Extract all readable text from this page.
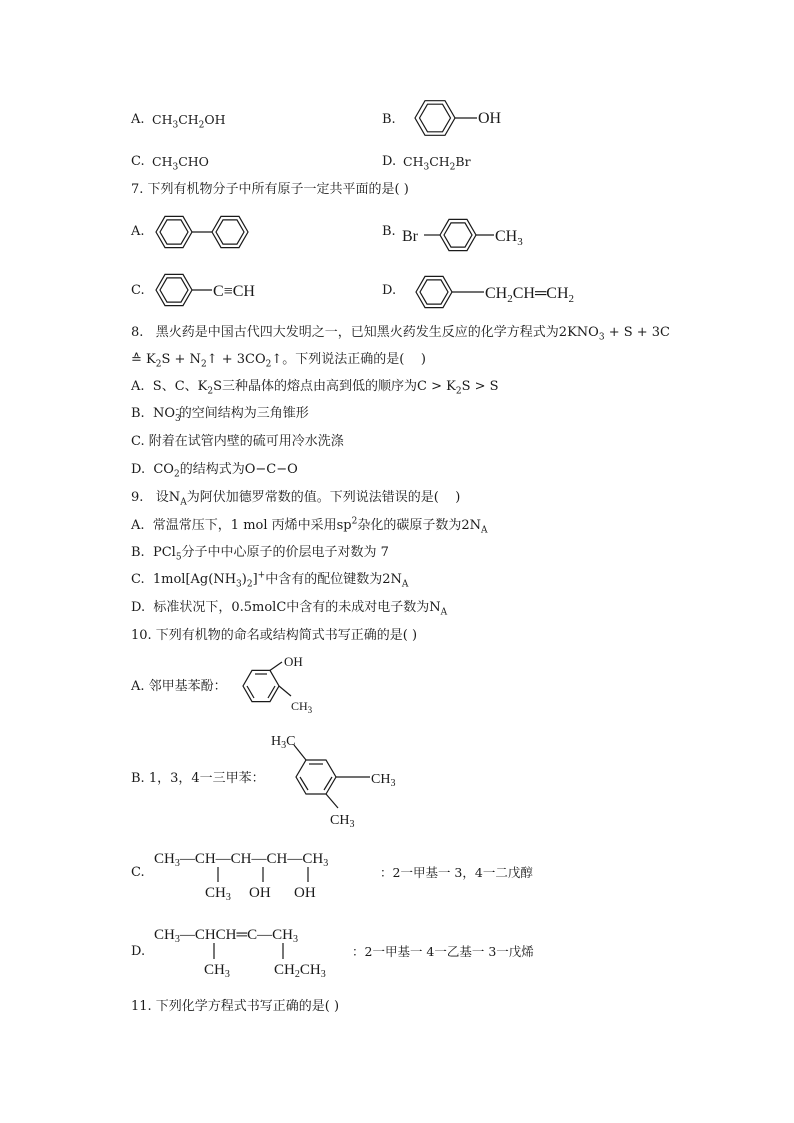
A. $CH_3CH_2OH$	B.	OH
C. $CH_3CHO$	D. $CH_3CH_2Br$
7. 下列有机物分子中所有原子一定共平面的是( )
A.	B. Br	$CH_3$
C.	C≡CH	D.	$CH_2CH═CH_2$
8.   黑火药是中国古代四大发明之一，已知黑火药发生反应的化学方程式为$2KNO_3 + S + 3C$
≙ $K_2S$ + $N_2↑$ + $3CO_2↑$。下列说法正确的是(    )
A.  S、C、$K_2S$三种晶体的熔点由高到低的顺序为$C > K_2S > S$
B.  $NO_3^-$的空间结构为三角锥形
C. 附着在试管内壁的硫可用冷水洗涤
D.  $CO_2$的结构式为O−C−O
9.   设$N_A$为阿伏加德罗常数的值。下列说法错误的是(    )
A.  常温常压下，1 mol 丙烯中采用$sp^2$杂化的碳原子数为$2N_A$
B.  PCl$_5$分子中中心原子的价层电子对数为 7
C.  $1mol[Ag(NH_3)_2]^+$中含有的配位键数为$2N_A$
D.  标准状况下，0.5molC中含有的未成对电子数为$N_A$
10. 下列有机物的命名或结构简式书写正确的是( )
A. 邻甲基苯酚：
OH
$CH_3$
B. 1，3，4一三甲苯：
$H_3C$
$CH_3$
$CH_3$
C.
$CH_3—CH—CH—CH—CH_3$
$CH_3$ OH OH
：2一甲基一 3，4一二戊醇
D.
$CH_3—CHCH═C—CH_3$
$CH_3$	$CH_2CH_3$
：2一甲基一 4一乙基一 3一戊烯
11. 下列化学方程式书写正确的是( )
